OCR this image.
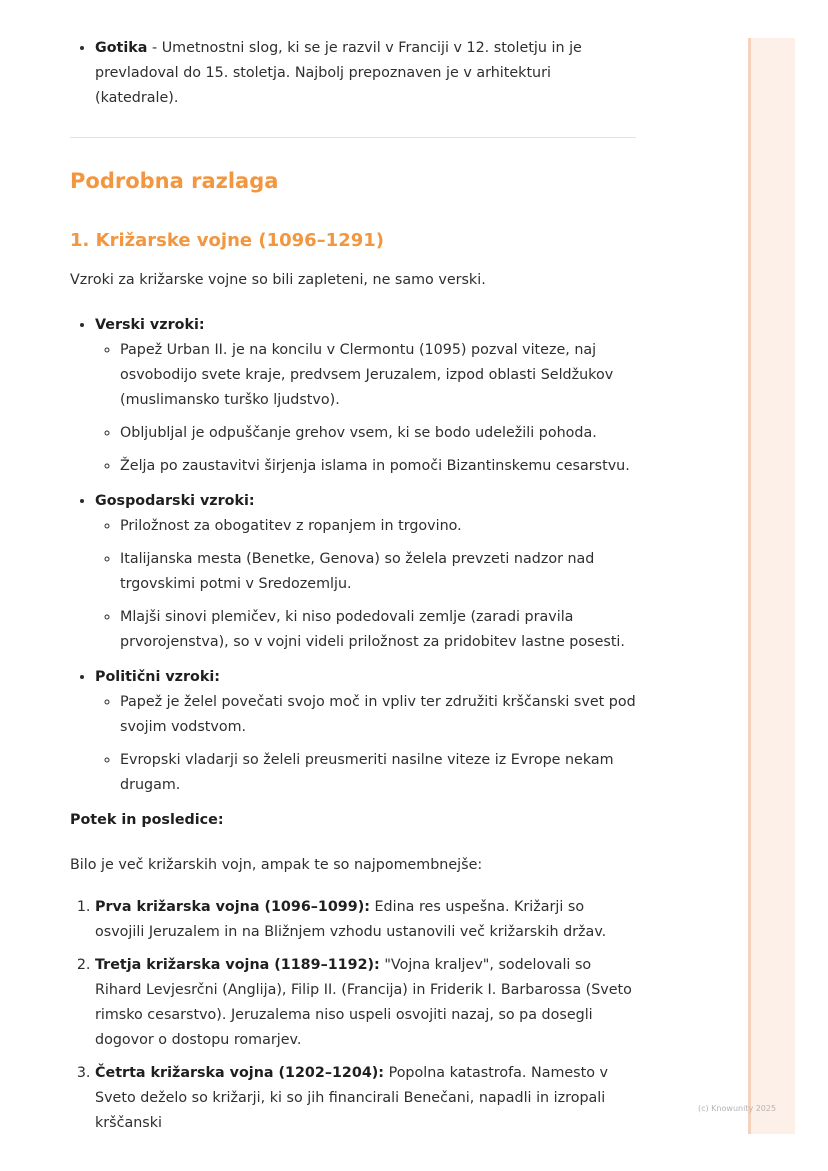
• Gotika - Umetnostni slog, ki se je razvil v Franciji v 12. stoletju in je prevladoval do 15. stoletja. Najbolj prepoznaven je v arhitekturi (katedrale).
Podrobna razlaga
1. Križarske vojne (1096–1291)

Vzroki za križarske vojne so bili zapleteni, ne samo verski.

• Verski vzroki:
◦ Papež Urban II. je na koncilu v Clermontu (1095) pozval viteze, naj osvobodijo svete kraje, predvsem Jeruzalem, izpod oblasti Seldžukov (muslimansko turško ljudstvo).
◦ Obljubljal je odpuščanje grehov vsem, ki se bodo udeležili pohoda.
◦ Želja po zaustavitvi širjenja islama in pomoči Bizantinskemu cesarstvu.
• Gospodarski vzroki:
◦ Priložnost za obogatitev z ropanjem in trgovino.
◦ Italijanska mesta (Benetke, Genova) so želela prevzeti nadzor nad trgovskimi potmi v Sredozemlju.
◦ Mlajši sinovi plemičev, ki niso podedovali zemlje (zaradi pravila prvorojenstva), so v vojni videli priložnost za pridobitev lastne posesti.
• Politični vzroki:
◦ Papež je želel povečati svojo moč in vpliv ter združiti krščanski svet pod svojim vodstvom.
◦ Evropski vladarji so želeli preusmeriti nasilne viteze iz Evrope nekam drugam.

Potek in posledice:

Bilo je več križarskih vojn, ampak te so najpomembnejše:

1. Prva križarska vojna (1096–1099): Edina res uspešna. Križarji so osvojili Jeruzalem in na Bližnjem vzhodu ustanovili več križarskih držav.
2. Tretja križarska vojna (1189–1192): "Vojna kraljev", sodelovali so Rihard Levjesrčni (Anglija), Filip II. (Francija) in Friderik I. Barbarossa (Sveto rimsko cesarstvo). Jeruzalema niso uspeli osvojiti nazaj, so pa dosegli dogovor o dostopu romarjev.
3. Četrta križarska vojna (1202–1204): Popolna katastrofa. Namesto v Sveto deželo so križarji, ki so jih financirali Benečani, napadli in izropali krščanski
(c) Knowunity 2025
